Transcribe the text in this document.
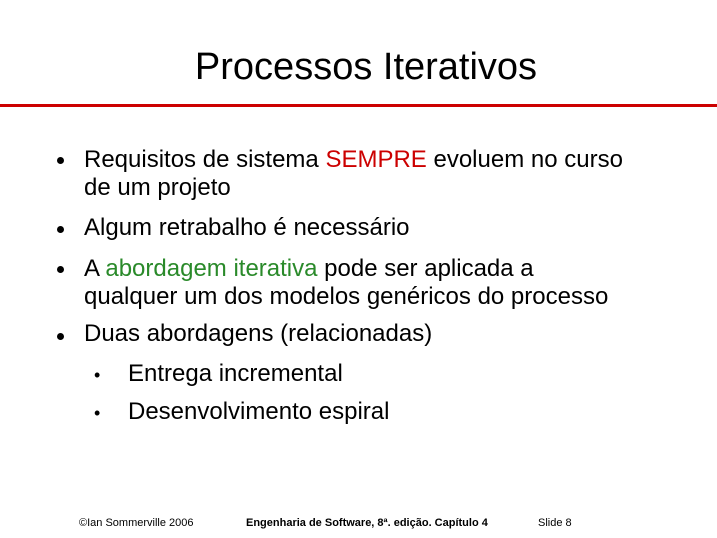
Processos Iterativos
Requisitos de sistema SEMPRE evoluem no curso
de um projeto
Algum retrabalho é necessário
A abordagem iterativa pode ser aplicada a
qualquer um dos modelos genéricos do processo
Duas abordagens (relacionadas)
• Entrega incremental
• Desenvolvimento espiral
©Ian Sommerville 2006	Engenharia de Software, 8ª. edição. Capítulo 4	Slide 8
